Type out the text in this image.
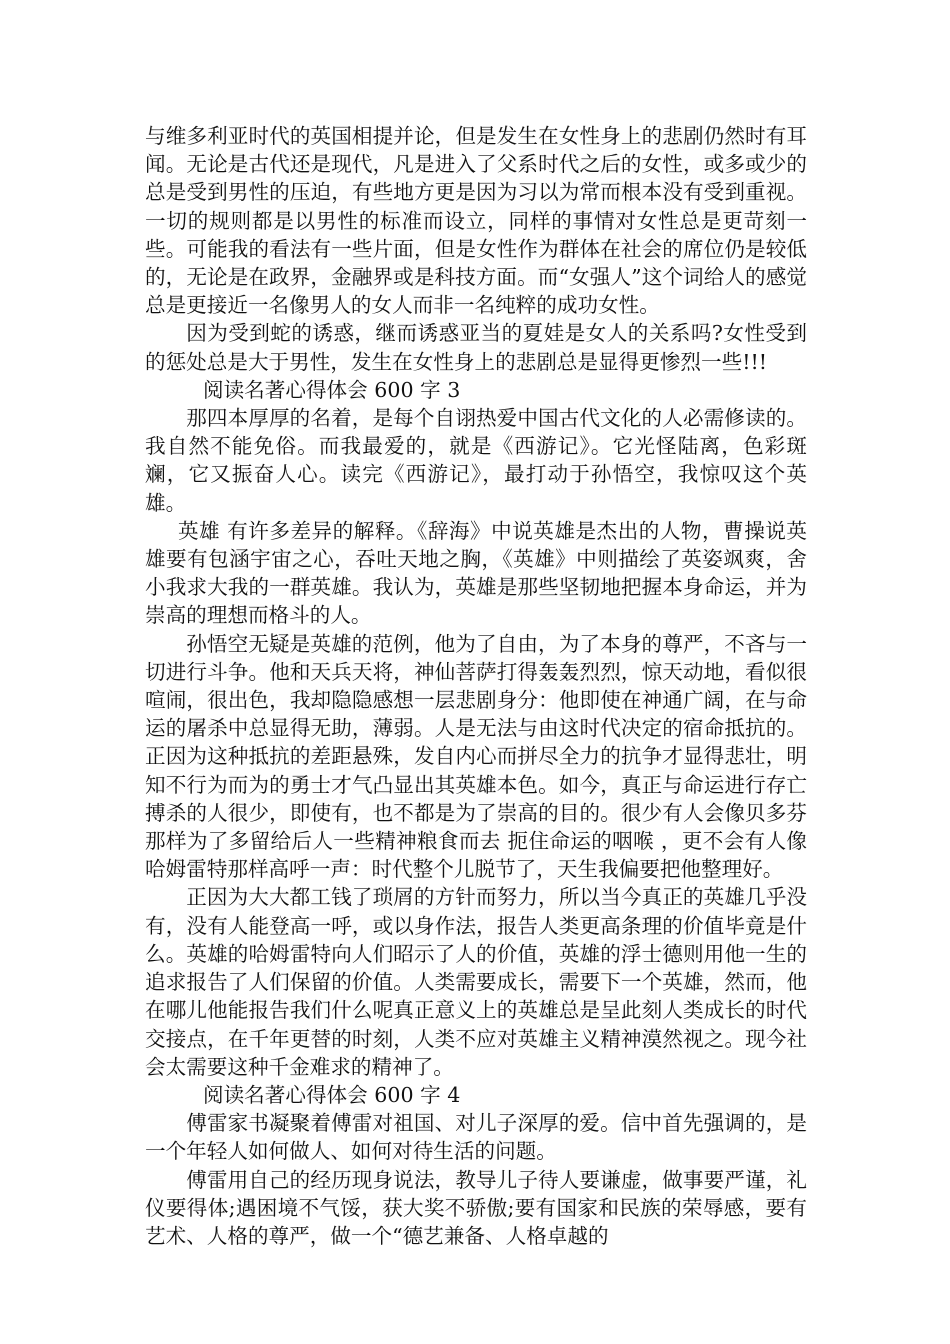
与维多利亚时代的英国相提并论，但是发生在女性身上的悲剧仍然时有耳闻。无论是古代还是现代，凡是进入了父系时代之后的女性，或多或少的总是受到男性的压迫，有些地方更是因为习以为常而根本没有受到重视。一切的规则都是以男性的标准而设立，同样的事情对女性总是更苛刻一些。可能我的看法有一些片面，但是女性作为群体在社会的席位仍是较低的，无论是在政界，金融界或是科技方面。而“女强人”这个词给人的感觉总是更接近一名像男人的女人而非一名纯粹的成功女性。

因为受到蛇的诱惑，继而诱惑亚当的夏娃是女人的关系吗?女性受到的惩处总是大于男性，发生在女性身上的悲剧总是显得更惨烈一些!!!

阅读名著心得体会 600 字 3

那四本厚厚的名着，是每个自诩热爱中国古代文化的人必需修读的。我自然不能免俗。而我最爱的，就是《西游记》。它光怪陆离，色彩斑斓，它又振奋人心。读完《西游记》，最打动于孙悟空，我惊叹这个英雄。

英雄 有许多差异的解释。《辞海》中说英雄是杰出的人物，曹操说英雄要有包涵宇宙之心，吞吐天地之胸，《英雄》中则描绘了英姿飒爽，舍小我求大我的一群英雄。我认为，英雄是那些坚韧地把握本身命运，并为崇高的理想而格斗的人。

孙悟空无疑是英雄的范例，他为了自由，为了本身的尊严，不吝与一切进行斗争。他和天兵天将，神仙菩萨打得轰轰烈烈，惊天动地，看似很喧闹，很出色，我却隐隐感想一层悲剧身分：他即使在神通广阔，在与命运的屠杀中总显得无助，薄弱。人是无法与由这时代决定的宿命抵抗的。正因为这种抵抗的差距悬殊，发自内心而拼尽全力的抗争才显得悲壮，明知不行为而为的勇士才气凸显出其英雄本色。如今，真正与命运进行存亡搏杀的人很少，即使有，也不都是为了崇高的目的。很少有人会像贝多芬那样为了多留给后人一些精神粮食而去 扼住命运的咽喉 ，更不会有人像哈姆雷特那样高呼一声：时代整个儿脱节了，天生我偏要把他整理好。

正因为大大都工钱了琐屑的方针而努力，所以当今真正的英雄几乎没有，没有人能登高一呼，或以身作法，报告人类更高条理的价值毕竟是什么。英雄的哈姆雷特向人们昭示了人的价值，英雄的浮士德则用他一生的追求报告了人们保留的价值。人类需要成长，需要下一个英雄，然而，他在哪儿他能报告我们什么呢真正意义上的英雄总是呈此刻人类成长的时代交接点，在千年更替的时刻，人类不应对英雄主义精神漠然视之。现今社会太需要这种千金难求的精神了。

阅读名著心得体会 600 字 4

傅雷家书凝聚着傅雷对祖国、对儿子深厚的爱。信中首先强调的，是一个年轻人如何做人、如何对待生活的问题。

傅雷用自己的经历现身说法，教导儿子待人要谦虚，做事要严谨，礼仪要得体;遇困境不气馁，获大奖不骄傲;要有国家和民族的荣辱感，要有艺术、人格的尊严，做一个“德艺兼备、人格卓越的
